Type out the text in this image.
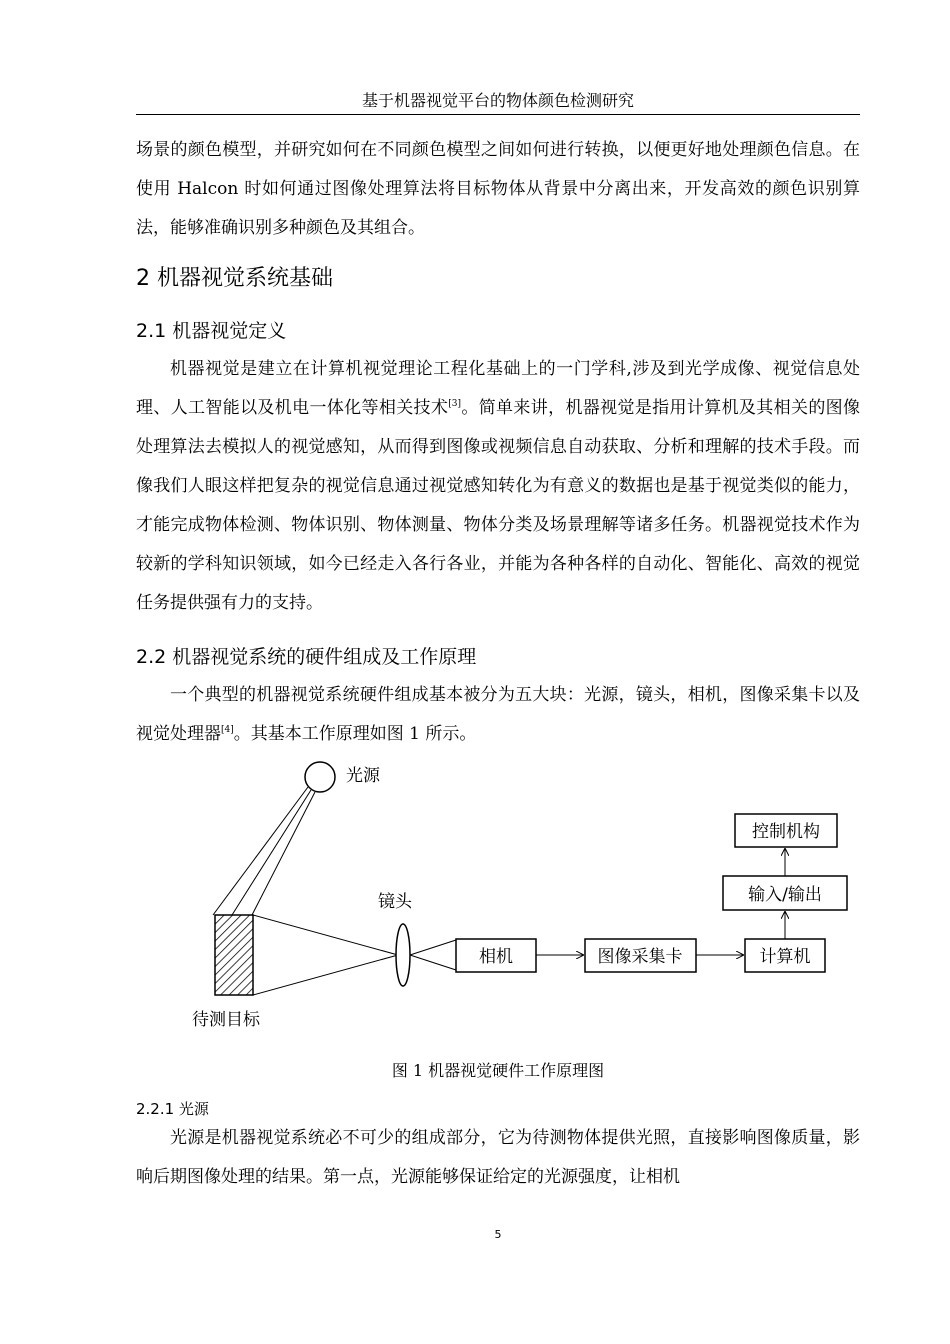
基于机器视觉平台的物体颜色检测研究

场景的颜色模型，并研究如何在不同颜色模型之间如何进行转换，以便更好地处理颜色信息。在使用 Halcon 时如何通过图像处理算法将目标物体从背景中分离出来，开发高效的颜色识别算法，能够准确识别多种颜色及其组合。

2 机器视觉系统基础
2.1 机器视觉定义

机器视觉是建立在计算机视觉理论工程化基础上的一门学科,涉及到光学成像、视觉信息处理、人工智能以及机电一体化等相关技术[3]。简单来讲，机器视觉是指用计算机及其相关的图像处理算法去模拟人的视觉感知，从而得到图像或视频信息自动获取、分析和理解的技术手段。而像我们人眼这样把复杂的视觉信息通过视觉感知转化为有意义的数据也是基于视觉类似的能力，才能完成物体检测、物体识别、物体测量、物体分类及场景理解等诸多任务。机器视觉技术作为较新的学科知识领域，如今已经走入各行各业，并能为各种各样的自动化、智能化、高效的视觉任务提供强有力的支持。

2.2 机器视觉系统的硬件组成及工作原理

一个典型的机器视觉系统硬件组成基本被分为五大块：光源，镜头，相机，图像采集卡以及视觉处理器[4]。其基本工作原理如图 1 所示。

光源
待测目标
镜头
相机	图像采集卡	计算机
输入/输出
控制机构
图 1 机器视觉硬件工作原理图
2.2.1 光源

光源是机器视觉系统必不可少的组成部分，它为待测物体提供光照，直接影响图像质量，影响后期图像处理的结果。第一点，光源能够保证给定的光源强度，让相机

5
